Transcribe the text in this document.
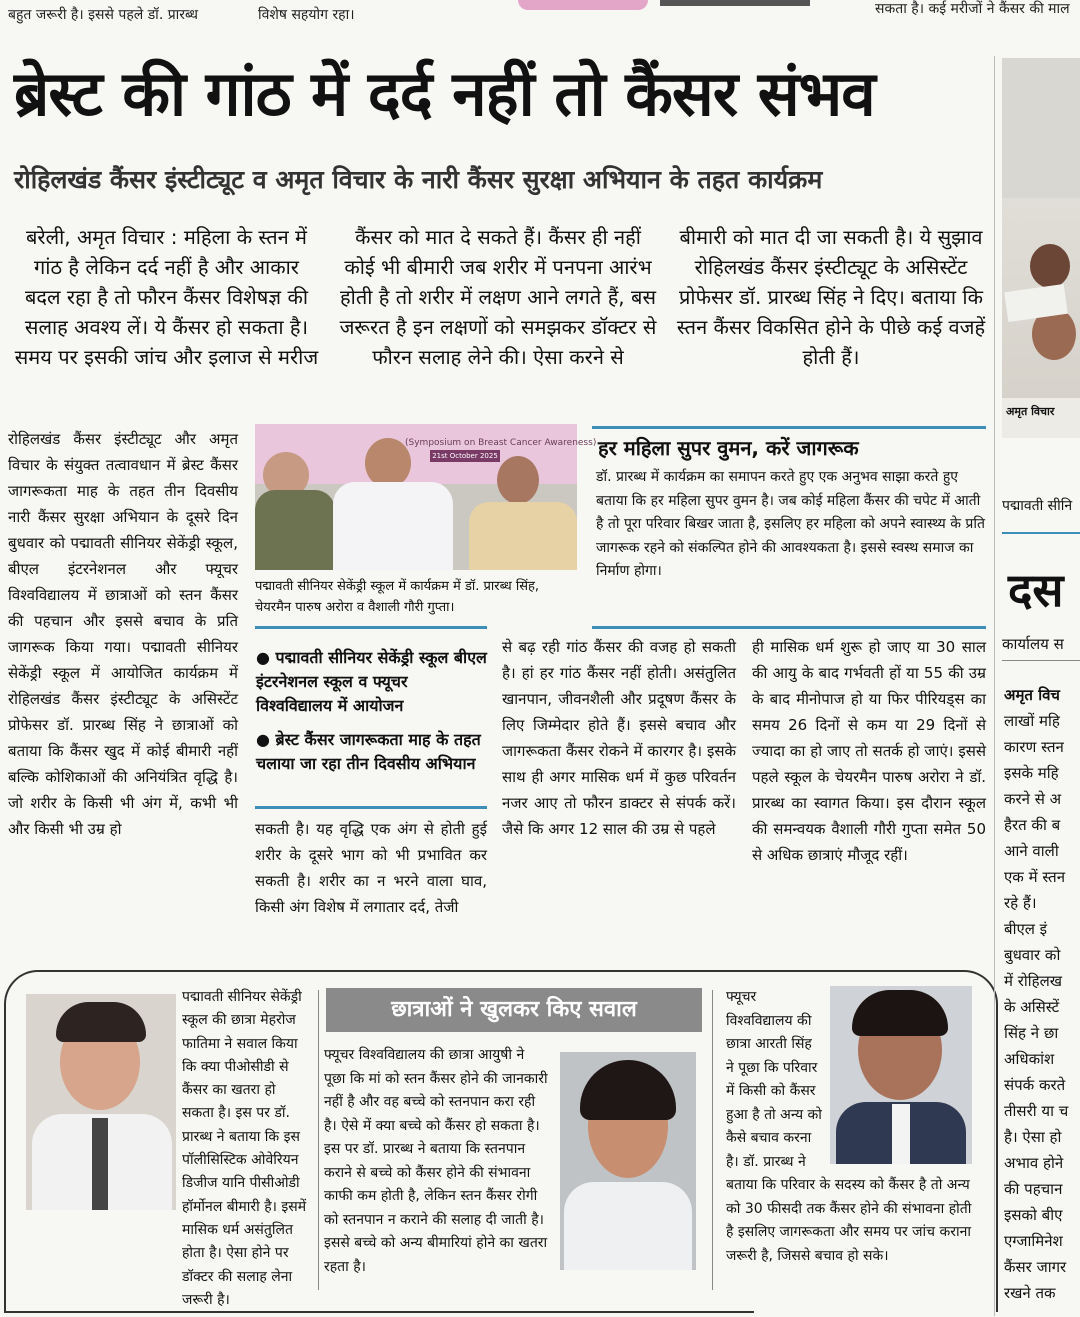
बहुत जरूरी है। इससे पहले डॉ. प्रारब्ध	विशेष सहयोग रहा।	सकता है। कई मरीजों ने कैंसर की माल
ब्रेस्ट की गांठ में दर्द नहीं तो कैंसर संभव
रोहिलखंड कैंसर इंस्टीट्यूट व अमृत विचार के नारी कैंसर सुरक्षा अभियान के तहत कार्यक्रम
बरेली, अमृत विचार : महिला के स्तन में गांठ है लेकिन दर्द नहीं है और आकार बदल रहा है तो फौरन कैंसर विशेषज्ञ की सलाह अवश्य लें। ये कैंसर हो सकता है। समय पर इसकी जांच और इलाज से मरीज
कैंसर को मात दे सकते हैं। कैंसर ही नहीं कोई भी बीमारी जब शरीर में पनपना आरंभ होती है तो शरीर में लक्षण आने लगते हैं, बस जरूरत है इन लक्षणों को समझकर डॉक्टर से फौरन सलाह लेने की। ऐसा करने से
बीमारी को मात दी जा सकती है। ये सुझाव रोहिलखंड कैंसर इंस्टीट्यूट के असिस्टेंट प्रोफेसर डॉ. प्रारब्ध सिंह ने दिए। बताया कि स्तन कैंसर विकसित होने के पीछे कई वजहें होती हैं।
रोहिलखंड कैंसर इंस्टीट्यूट और अमृत विचार के संयुक्त तत्वावधान में ब्रेस्ट कैंसर जागरूकता माह के तहत तीन दिवसीय नारी कैंसर सुरक्षा अभियान के दूसरे दिन बुधवार को पद्मावती सीनियर सेकेंड्री स्कूल, बीएल इंटरनेशनल और फ्यूचर विश्वविद्यालय में छात्राओं को स्तन कैंसर की पहचान और इससे बचाव के प्रति जागरूक किया गया। पद्मावती सीनियर सेकेंड्री स्कूल में आयोजित कार्यक्रम में रोहिलखंड कैंसर इंस्टीट्यूट के असिस्टेंट प्रोफेसर डॉ. प्रारब्ध सिंह ने छात्राओं को बताया कि कैंसर खुद में कोई बीमारी नहीं बल्कि कोशिकाओं की अनियंत्रित वृद्धि है। जो शरीर के किसी भी अंग में, कभी भी और किसी भी उम्र हो
(Symposium on Breast Cancer Awareness)
21st October 2025
पद्मावती सीनियर सेकेंड्री स्कूल में कार्यक्रम में डॉ. प्रारब्ध सिंह, चेयरमैन पारुष अरोरा व वैशाली गौरी गुप्ता।
● पद्मावती सीनियर सेकेंड्री स्कूल बीएल इंटरनेशनल स्कूल व फ्यूचर विश्वविद्यालय में आयोजन
● ब्रेस्ट कैंसर जागरूकता माह के तहत चलाया जा रहा तीन दिवसीय अभियान
सकती है। यह वृद्धि एक अंग से होती हुई शरीर के दूसरे भाग को भी प्रभावित कर सकती है। शरीर का न भरने वाला घाव, किसी अंग विशेष में लगातार दर्द, तेजी
हर महिला सुपर वुमन, करें जागरूक
डॉ. प्रारब्ध में कार्यक्रम का समापन करते हुए एक अनुभव साझा करते हुए बताया कि हर महिला सुपर वुमन है। जब कोई महिला कैंसर की चपेट में आती है तो पूरा परिवार बिखर जाता है, इसलिए हर महिला को अपने स्वास्थ्य के प्रति जागरूक रहने को संकल्पित होने की आवश्यकता है। इससे स्वस्थ समाज का निर्माण होगा।
से बढ़ रही गांठ कैंसर की वजह हो सकती है। हां हर गांठ कैंसर नहीं होती। असंतुलित खानपान, जीवनशैली और प्रदूषण कैंसर के लिए जिम्मेदार होते हैं। इससे बचाव और जागरूकता कैंसर रोकने में कारगर है। इसके साथ ही अगर मासिक धर्म में कुछ परिवर्तन नजर आए तो फौरन डाक्टर से संपर्क करें। जैसे कि अगर 12 साल की उम्र से पहले
ही मासिक धर्म शुरू हो जाए या 30 साल की आयु के बाद गर्भवती हों या 55 की उम्र के बाद मीनोपाज हो या फिर पीरियड्स का समय 26 दिनों से कम या 29 दिनों से ज्यादा का हो जाए तो सतर्क हो जाएं। इससे पहले स्कूल के चेयरमैन पारुष अरोरा ने डॉ. प्रारब्ध का स्वागत किया। इस दौरान स्कूल की समन्वयक वैशाली गौरी गुप्ता समेत 50 से अधिक छात्राएं मौजूद रहीं।
पद्मावती सीनियर सेकेंड्री स्कूल की छात्रा मेहरोज फातिमा ने सवाल किया कि क्या पीओसीडी से कैंसर का खतरा हो सकता है। इस पर डॉ. प्रारब्ध ने बताया कि इस पॉलीसिस्टिक ओवेरियन डिजीज यानि पीसीओडी हॉर्मोनल बीमारी है। इसमें मासिक धर्म असंतुलित होता है। ऐसा होने पर डॉक्टर की सलाह लेना जरूरी है।
छात्राओं ने खुलकर किए सवाल
फ्यूचर विश्वविद्यालय की छात्रा आयुषी ने पूछा कि मां को स्तन कैंसर होने की जानकारी नहीं है और वह बच्चे को स्तनपान करा रही है। ऐसे में क्या बच्चे को कैंसर हो सकता है। इस पर डॉ. प्रारब्ध ने बताया कि स्तनपान कराने से बच्चे को कैंसर होने की संभावना काफी कम होती है, लेकिन स्तन कैंसर रोगी को स्तनपान न कराने की सलाह दी जाती है। इससे बच्चे को अन्य बीमारियां होने का खतरा रहता है।
फ्यूचर विश्वविद्यालय की छात्रा आरती सिंह ने पूछा कि परिवार में किसी को कैंसर हुआ है तो अन्य को कैसे बचाव करना है। डॉ. प्रारब्ध ने बताया कि परिवार के सदस्य को कैंसर है तो अन्य को 30 फीसदी तक कैंसर होने की संभावना होती है इसलिए जागरूकता और समय पर जांच कराना जरूरी है, जिससे बचाव हो सके।
अमृत विचार
पद्मावती सीनि
दस
कार्यालय स
अमृत विच
लाखों महि
कारण स्तन
इसके महि
करने से अ
हैरत की ब
आने वाली
एक में स्तन
रहे हैं।
बीएल इं
बुधवार को
में रोहिलख
के असिस्टें
सिंह ने छा
अधिकांश
संपर्क करते
तीसरी या च
है। ऐसा हो
अभाव होने
की पहचान
इसको बीए
एग्जामिनेश
कैंसर जागर
रखने तक
